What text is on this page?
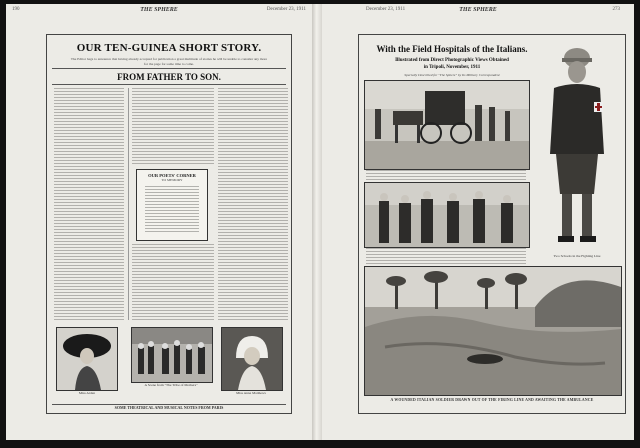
190	THE SPHERE	December 23, 1911
OUR TEN-GUINEA SHORT STORY.
The Editor begs to announce that having already accepted for publication a great multitude of stories he will be unable to consider any more for the page for some time to come.
FROM FATHER TO SON.
OUR POETS' CORNER
TO MEMORY
Miss Arden
A Scene from "The Tribe of Mothers"
Miss Anna Matthews
SOME THEATRICAL AND MUSICAL NOTES FROM PARIS
December 23, 1911	THE SPHERE	273
With the Field Hospitals of the Italians.
Illustrated from Direct Photographic Views Obtained
in Tripoli, November, 1911
Specially Described for "The Sphere" by Its Military Correspondent
Two Schools in the Fighting Line
A WOUNDED ITALIAN SOLDIER DRAWN OUT OF THE FIRING LINE AND AWAITING THE AMBULANCE
